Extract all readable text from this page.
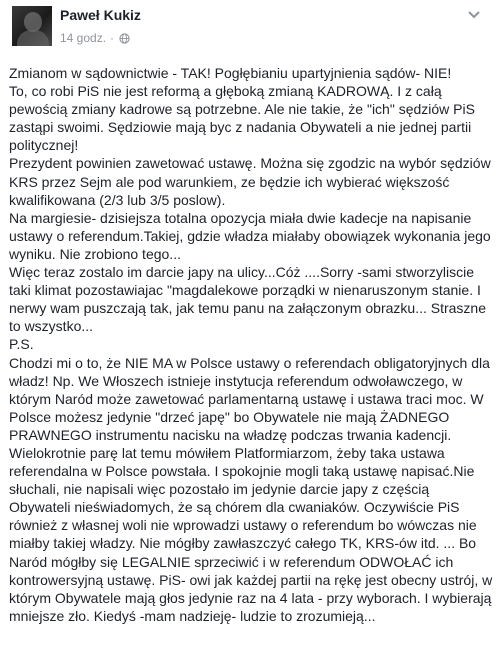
Paweł Kukiz
14 godz. ·

Zmianom w sądownictwie - TAK! Pogłębianiu upartyjnienia sądów- NIE!

To, co robi PiS nie jest reformą a głęboką zmianą KADROWĄ. I z całą pewością zmiany kadrowe są potrzebne. Ale nie takie, że "ich" sędziów PiS zastąpi swoimi. Sędziowie mają byc z nadania Obywateli a nie jednej partii politycznej!

Prezydent powinien zawetować ustawę. Można się zgodzic na wybór sędziów KRS przez Sejm ale pod warunkiem, ze będzie ich wybierać większość kwalifikowana (2/3 lub 3/5 poslow).

Na margiesie- dzisiejsza totalna opozycja miała dwie kadecje na napisanie ustawy o referendum.Takiej, gdzie władza miałaby obowiązek wykonania jego wyniku. Nie zrobiono tego...

Więc teraz zostalo im darcie japy na ulicy...Cóż ....Sorry -sami stworzyliscie taki klimat pozostawiajac "magdalekowe porządki w nienaruszonym stanie. I nerwy wam puszczają tak, jak temu panu na załączonym obrazku... Straszne to wszystko...

P.S.

Chodzi mi o to, że NIE MA w Polsce ustawy o referendach obligatoryjnych dla władz! Np. We Włoszech istnieje instytucja referendum odwoławczego, w którym Naród może zawetować parlamentarną ustawę i ustawa traci moc. W Polsce możesz jedynie "drzeć japę" bo Obywatele nie mają ŻADNEGO PRAWNEGO instrumentu nacisku na władzę podczas trwania kadencji. Wielokrotnie parę lat temu mówiłem Platformiarzom, żeby taka ustawa referendalna w Polsce powstała. I spokojnie mogli taką ustawę napisać.Nie słuchali, nie napisali więc pozostało im jedynie darcie japy z częścią Obywateli nieświadomych, że są chórem dla cwaniaków. Oczywiście PiS również z własnej woli nie wprowadzi ustawy o referendum bo wówczas nie miałby takiej władzy. Nie mógłby zawłaszczyć całego TK, KRS-ów itd. ... Bo Naród mógłby się LEGALNIE sprzeciwić i w referendum ODWOŁAĆ ich kontrowersyjną ustawę. PiS- owi jak każdej partii na rękę jest obecny ustrój, w którym Obywatele mają głos jedynie raz na 4 lata - przy wyborach. I wybierają mniejsze zło. Kiedyś -mam nadzieję- ludzie to zrozumieją...
